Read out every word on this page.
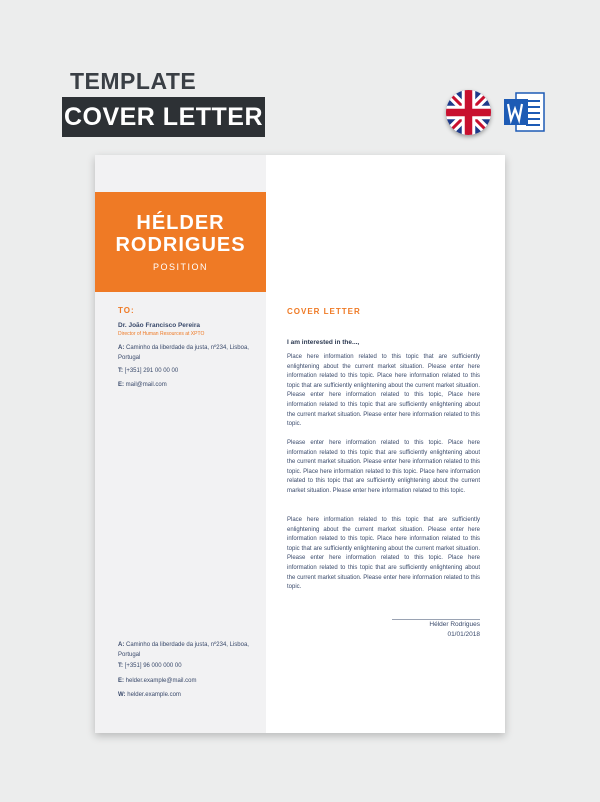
TEMPLATE
COVER LETTER
HÉLDER
RODRIGUES
POSITION
TO:
Dr. João Francisco Pereira
Director of Human Resources at XPTO
A: Caminho da liberdade da justa, nº234, Lisboa, Portugal
T: [+351] 291 00 00 00
E: mail@mail.com
A: Caminho da liberdade da justa, nº234, Lisboa, Portugal
T: [+351] 96 000 000 00
E: helder.example@mail.com
W: helder.example.com
COVER LETTER
I am interested in the...,
Place here information related to this topic that are sufficiently enlightening about the current market situation. Please enter here information related to this topic. Place here information related to this topic that are sufficiently enlightening about the current market situation. Please enter here information related to this topic, Place here information related to this topic that are sufficiently enlightening about the current market situation. Please enter here information related to this topic.
Please enter here information related to this topic. Place here information related to this topic that are sufficiently enlightening about the current market situation. Please enter here information related to this topic. Place here information related to this topic. Place here information related to this topic that are sufficiently enlightening about the current market situation. Please enter here information related to this topic.
Place here information related to this topic that are sufficiently enlightening about the current market situation. Please enter here information related to this topic. Place here information related to this topic that are sufficiently enlightening about the current market situation. Please enter here information related to this topic. Place here information related to this topic that are sufficiently enlightening about the current market situation. Please enter here information related to this topic.
Hélder Rodrigues
01/01/2018
